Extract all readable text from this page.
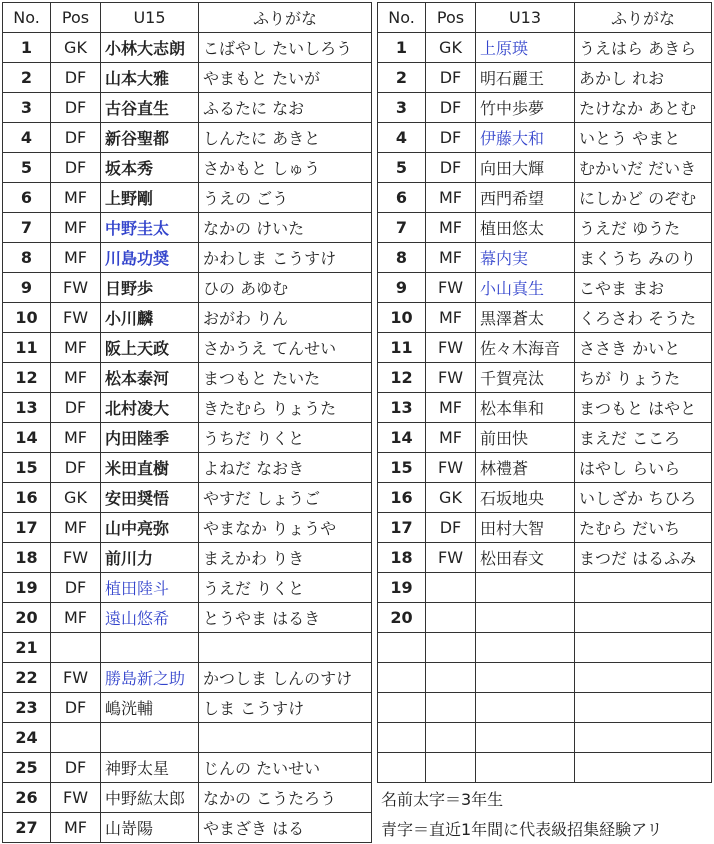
No.	Pos	U15	ふりがな
1	GK	小林大志朗	こばやし たいしろう
2	DF	山本大雅	やまもと たいが
3	DF	古谷直生	ふるたに なお
4	DF	新谷聖都	しんたに あきと
5	DF	坂本秀	さかもと しゅう
6	MF	上野剛	うえの ごう
7	MF	中野圭太	なかの けいた
8	MF	川島功奨	かわしま こうすけ
9	FW	日野歩	ひの あゆむ
10	FW	小川麟	おがわ りん
11	MF	阪上天政	さかうえ てんせい
12	MF	松本泰河	まつもと たいた
13	DF	北村凌大	きたむら りょうた
14	MF	内田陸季	うちだ りくと
15	DF	米田直樹	よねだ なおき
16	GK	安田奨悟	やすだ しょうご
17	MF	山中亮弥	やまなか りょうや
18	FW	前川力	まえかわ りき
19	DF	植田陸斗	うえだ りくと
20	MF	遠山悠希	とうやま はるき
21			
22	FW	勝島新之助	かつしま しんのすけ
23	DF	嶋洸輔	しま こうすけ
24			
25	DF	神野太星	じんの たいせい
26	FW	中野紘太郎	なかの こうたろう
27	MF	山嵜陽	やまざき はる
No.	Pos	U13	ふりがな
1	GK	上原瑛	うえはら あきら
2	DF	明石麗王	あかし れお
3	DF	竹中歩夢	たけなか あとむ
4	DF	伊藤大和	いとう やまと
5	DF	向田大輝	むかいだ だいき
6	MF	西門希望	にしかど のぞむ
7	MF	植田悠太	うえだ ゆうた
8	MF	幕内実	まくうち みのり
9	FW	小山真生	こやま まお
10	MF	黒澤蒼太	くろさわ そうた
11	FW	佐々木海音	ささき かいと
12	FW	千賀亮汰	ちが りょうた
13	MF	松本隼和	まつもと はやと
14	MF	前田快	まえだ こころ
15	FW	林禮蒼	はやし らいら
16	GK	石坂地央	いしざか ちひろ
17	DF	田村大智	たむら だいち
18	FW	松田春文	まつだ はるふみ
19			
20			

名前太字＝3年生
青字＝直近1年間に代表級招集経験アリ
